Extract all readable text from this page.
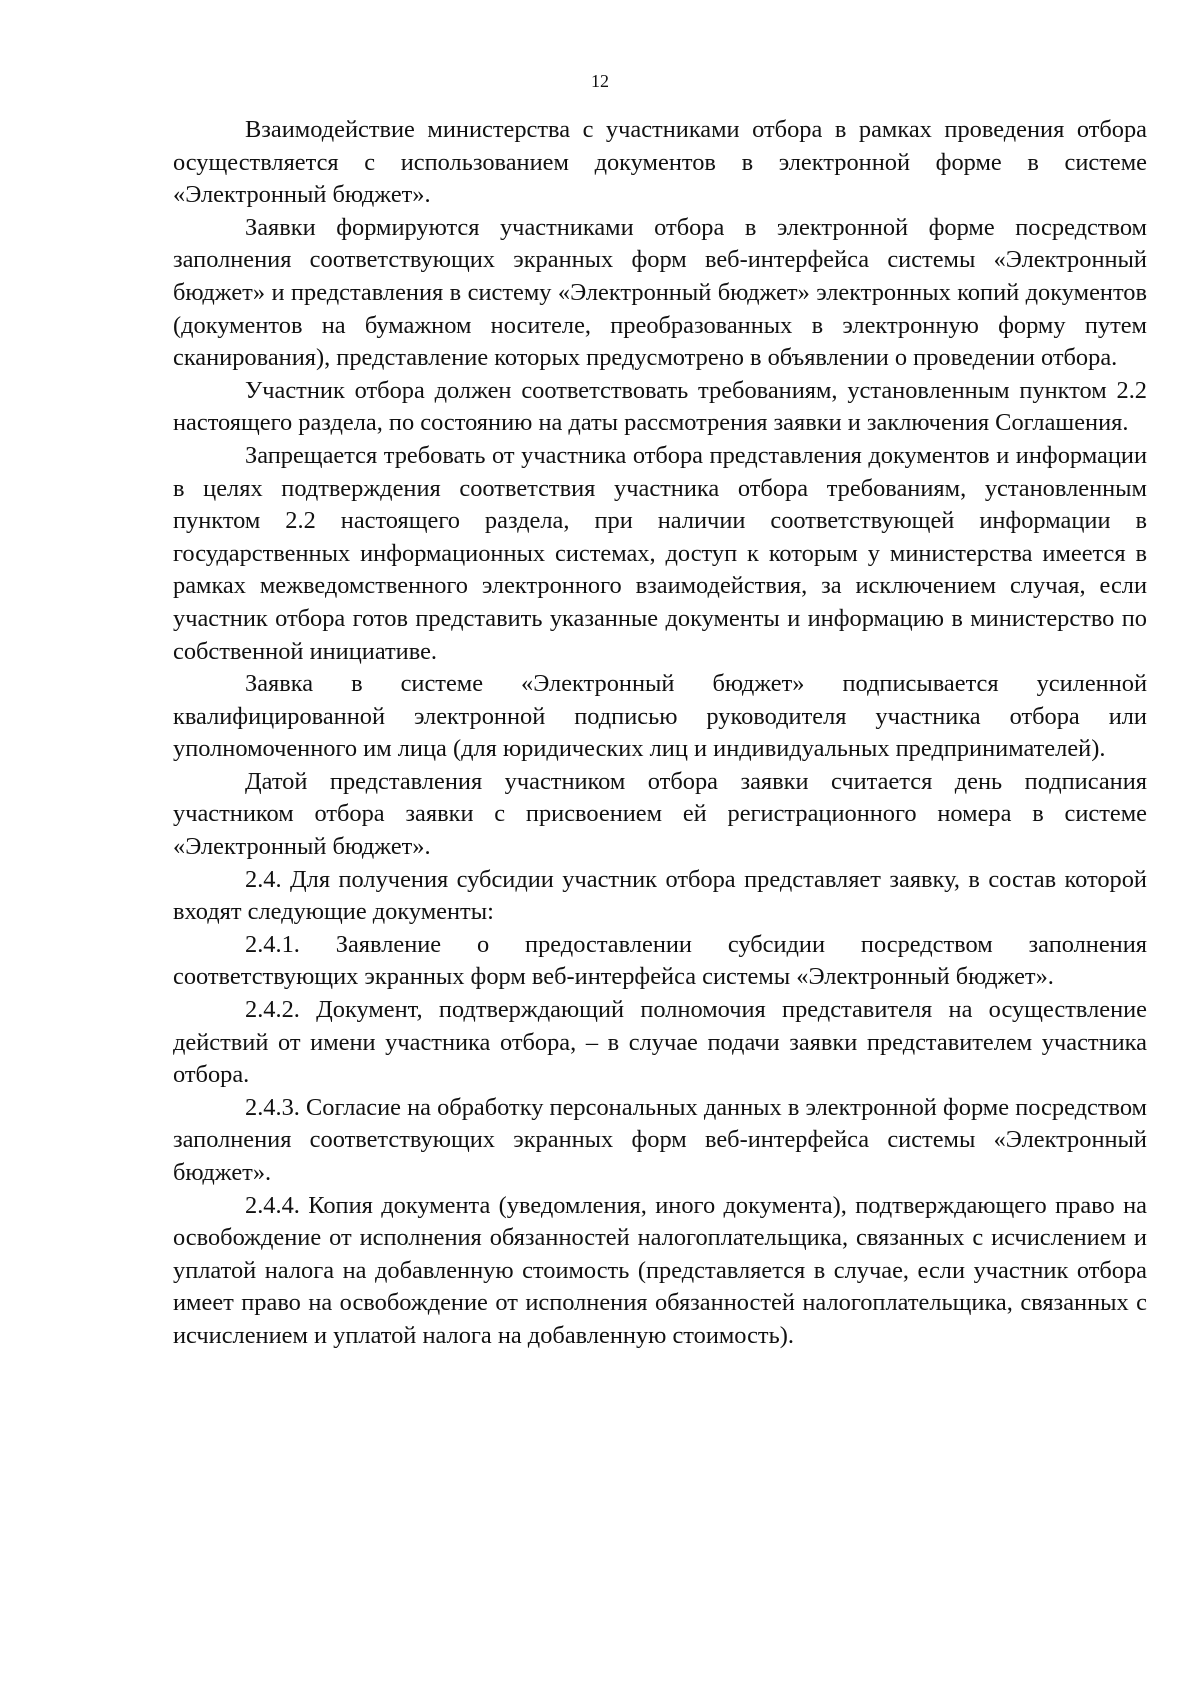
12

Взаимодействие министерства с участниками отбора в рамках проведения отбора осуществляется с использованием документов в электронной форме в системе «Электронный бюджет».

Заявки формируются участниками отбора в электронной форме посредством заполнения соответствующих экранных форм веб-интерфейса системы «Электронный бюджет» и представления в систему «Электронный бюджет» электронных копий документов (документов на бумажном носителе, преобразованных в электронную форму путем сканирования), представление которых предусмотрено в объявлении о проведении отбора.

Участник отбора должен соответствовать требованиям, установленным пунктом 2.2 настоящего раздела, по состоянию на даты рассмотрения заявки и заключения Соглашения.

Запрещается требовать от участника отбора представления документов и информации в целях подтверждения соответствия участника отбора требованиям, установленным пунктом 2.2 настоящего раздела, при наличии соответствующей информации в государственных информационных системах, доступ к которым у министерства имеется в рамках межведомственного электронного взаимодействия, за исключением случая, если участник отбора готов представить указанные документы и информацию в министерство по собственной инициативе.

Заявка в системе «Электронный бюджет» подписывается усиленной квалифицированной электронной подписью руководителя участника отбора или уполномоченного им лица (для юридических лиц и индивидуальных предпринимателей).

Датой представления участником отбора заявки считается день подписания участником отбора заявки с присвоением ей регистрационного номера в системе «Электронный бюджет».

2.4. Для получения субсидии участник отбора представляет заявку, в состав которой входят следующие документы:

2.4.1. Заявление о предоставлении субсидии посредством заполнения соответствующих экранных форм веб-интерфейса системы «Электронный бюджет».

2.4.2. Документ, подтверждающий полномочия представителя на осуществление действий от имени участника отбора, – в случае подачи заявки представителем участника отбора.

2.4.3. Согласие на обработку персональных данных в электронной форме посредством заполнения соответствующих экранных форм веб-интерфейса системы «Электронный бюджет».

2.4.4. Копия документа (уведомления, иного документа), подтверждающего право на освобождение от исполнения обязанностей налогоплательщика, связанных с исчислением и уплатой налога на добавленную стоимость (представляется в случае, если участник отбора имеет право на освобождение от исполнения обязанностей налогоплательщика, связанных с исчислением и уплатой налога на добавленную стоимость).
